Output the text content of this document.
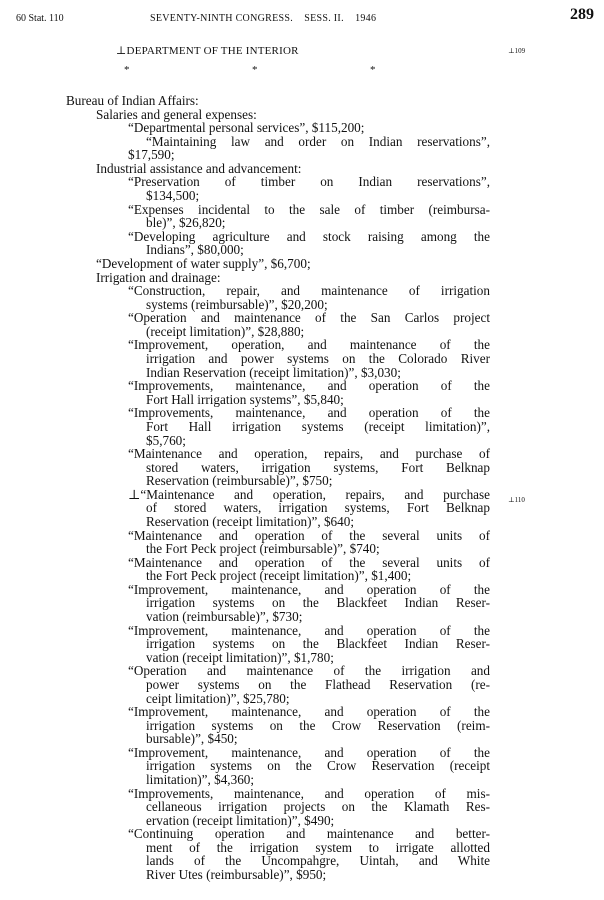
60 Stat. 110	SEVENTY-NINTH CONGRESS.    SESS. II.    1946	289
⊥DEPARTMENT OF THE INTERIOR	⊥109
*	*	*
⊥110
Bureau of Indian Affairs:
Salaries and general expenses:
“Departmental personal services”, $115,200;
“Maintaining law and order on Indian reservations”,
$17,590;
Industrial assistance and advancement:
“Preservation of timber on Indian reservations”,
$134,500;
“Expenses incidental to the sale of timber (reimbursa-
ble)”, $26,820;
“Developing agriculture and stock raising among the
Indians”, $80,000;
“Development of water supply”, $6,700;
Irrigation and drainage:
“Construction, repair, and maintenance of irrigation
systems (reimbursable)”, $20,200;
“Operation and maintenance of the San Carlos project
(receipt limitation)”, $28,880;
“Improvement, operation, and maintenance of the
irrigation and power systems on the Colorado River
Indian Reservation (receipt limitation)”, $3,030;
“Improvements, maintenance, and operation of the
Fort Hall irrigation systems”, $5,840;
“Improvements, maintenance, and operation of the
Fort Hall irrigation systems (receipt limitation)”,
$5,760;
“Maintenance and operation, repairs, and purchase of
stored waters, irrigation systems, Fort Belknap
Reservation (reimbursable)”, $750;
⊥“Maintenance and operation, repairs, and purchase
of stored waters, irrigation systems, Fort Belknap
Reservation (receipt limitation)”, $640;
“Maintenance and operation of the several units of
the Fort Peck project (reimbursable)”, $740;
“Maintenance and operation of the several units of
the Fort Peck project (receipt limitation)”, $1,400;
“Improvement, maintenance, and operation of the
irrigation systems on the Blackfeet Indian Reser-
vation (reimbursable)”, $730;
“Improvement, maintenance, and operation of the
irrigation systems on the Blackfeet Indian Reser-
vation (receipt limitation)”, $1,780;
“Operation and maintenance of the irrigation and
power systems on the Flathead Reservation (re-
ceipt limitation)”, $25,780;
“Improvement, maintenance, and operation of the
irrigation systems on the Crow Reservation (reim-
bursable)”, $450;
“Improvement, maintenance, and operation of the
irrigation systems on the Crow Reservation (receipt
limitation)”, $4,360;
“Improvements, maintenance, and operation of mis-
cellaneous irrigation projects on the Klamath Res-
ervation (receipt limitation)”, $490;
“Continuing operation and maintenance and better-
ment of the irrigation system to irrigate allotted
lands of the Uncompahgre, Uintah, and White
River Utes (reimbursable)”, $950;
